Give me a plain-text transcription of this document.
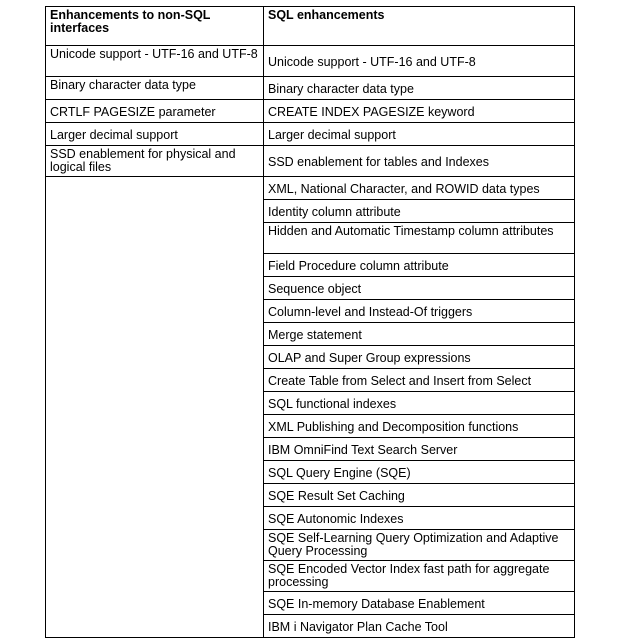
Enhancements to non-SQL interfaces	SQL enhancements
Unicode support - UTF-16 and UTF-8	Unicode support - UTF-16 and UTF-8
Binary character data type	Binary character data type
CRTLF PAGESIZE parameter	CREATE INDEX PAGESIZE keyword
Larger decimal support	Larger decimal support
SSD enablement for physical and logical files	SSD enablement for tables and Indexes
	XML, National Character, and ROWID data types
	Identity column attribute
	Hidden and Automatic Timestamp column attributes
	Field Procedure column attribute
	Sequence object
	Column-level and Instead-Of triggers
	Merge statement
	OLAP and Super Group expressions
	Create Table from Select and Insert from Select
	SQL functional indexes
	XML Publishing and Decomposition functions
	IBM OmniFind Text Search Server
	SQL Query Engine (SQE)
	SQE Result Set Caching
	SQE Autonomic Indexes
	SQE Self-Learning Query Optimization and Adaptive Query Processing
	SQE Encoded Vector Index fast path for aggregate processing
	SQE In-memory Database Enablement
	IBM i Navigator Plan Cache Tool
